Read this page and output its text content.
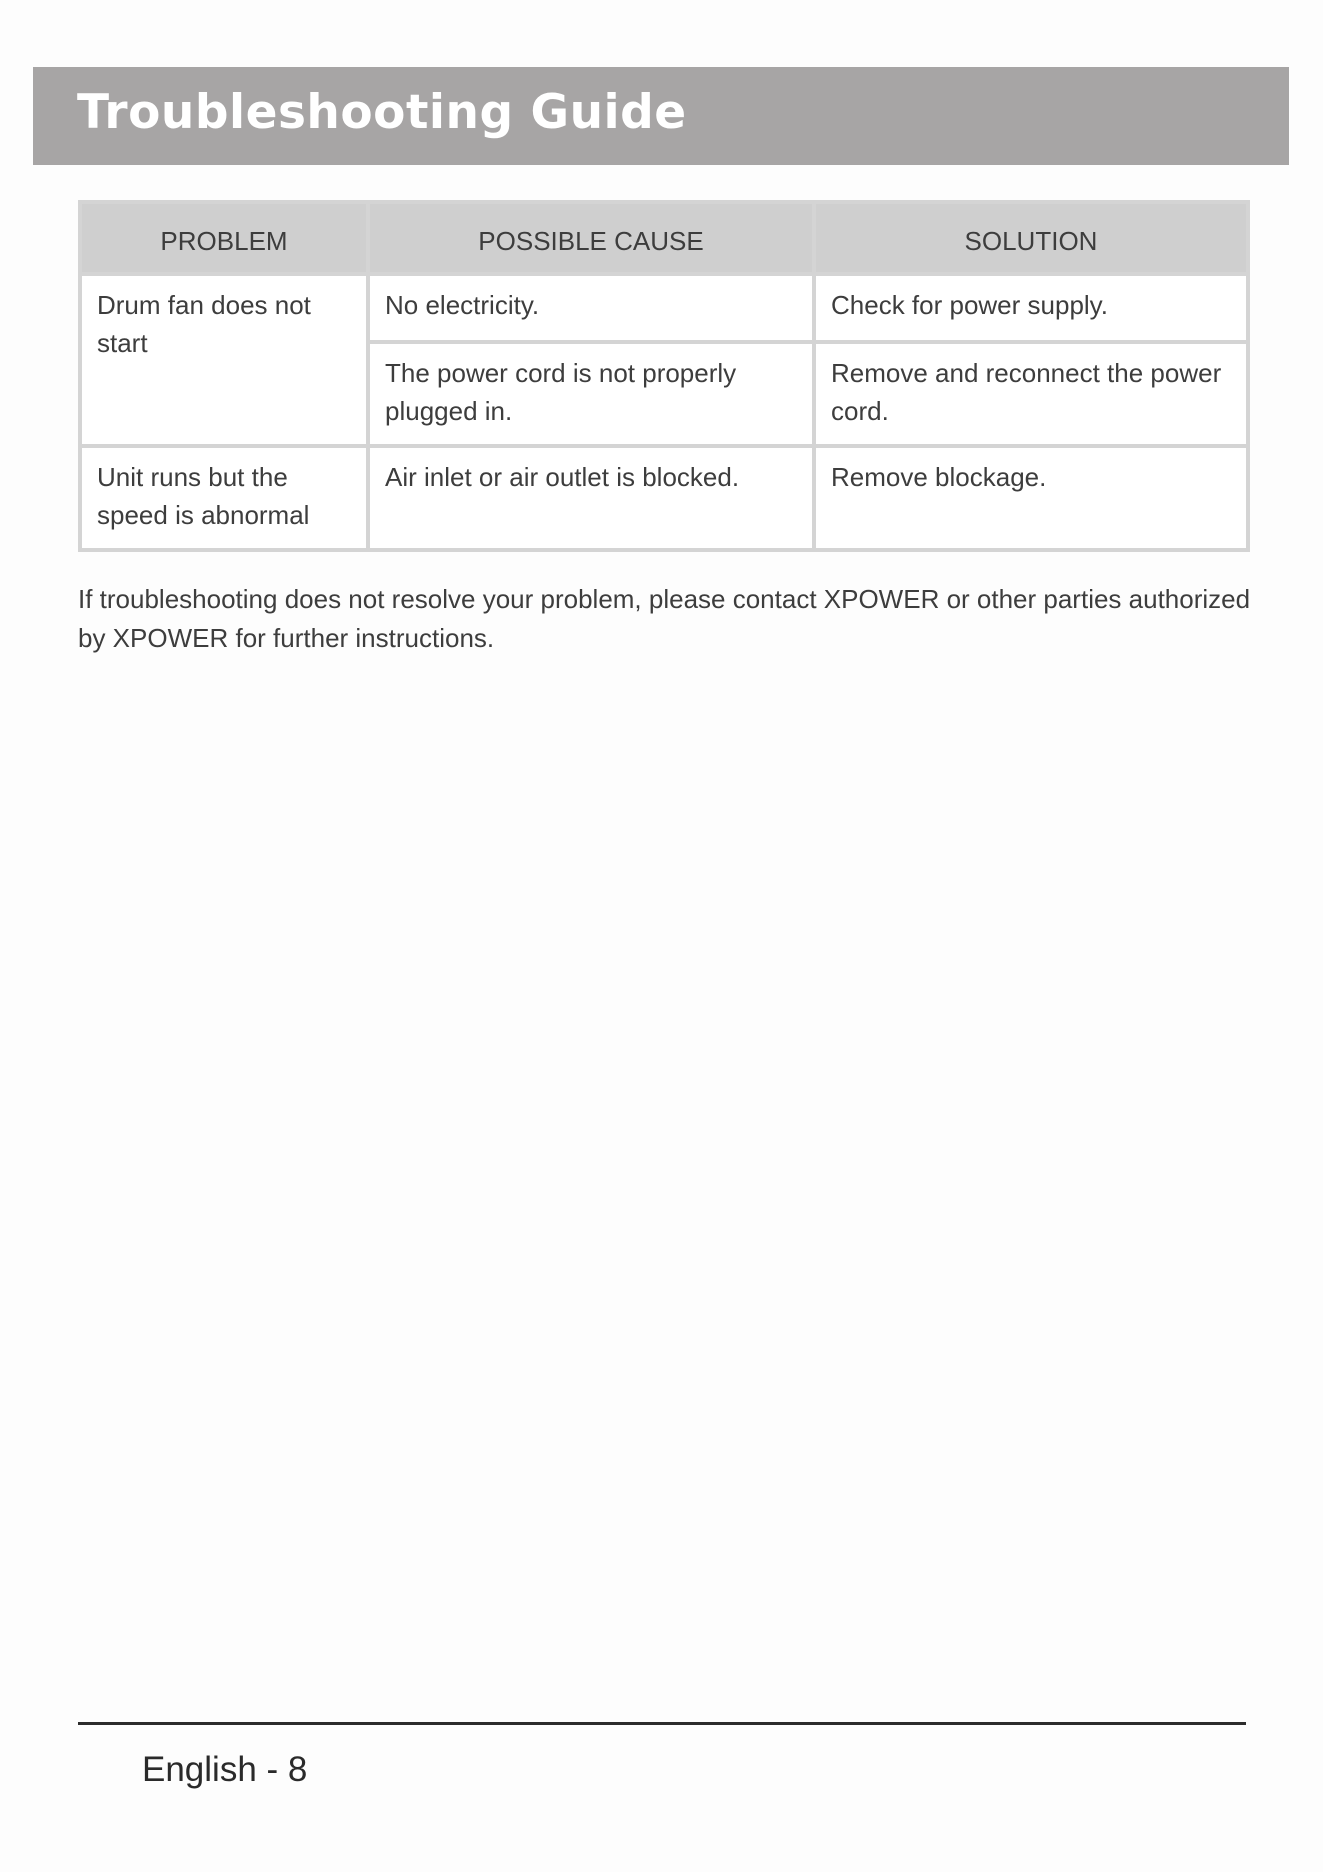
Troubleshooting Guide
PROBLEM	POSSIBLE CAUSE	SOLUTION
Drum fan does not start	No electricity.	Check for power supply.
	The power cord is not properly plugged in.	Remove and reconnect the power cord.
Unit runs but the speed is abnormal	Air inlet or air outlet is blocked.	Remove blockage.

If troubleshooting does not resolve your problem, please contact XPOWER or other parties authorized by XPOWER for further instructions.

English - 8
